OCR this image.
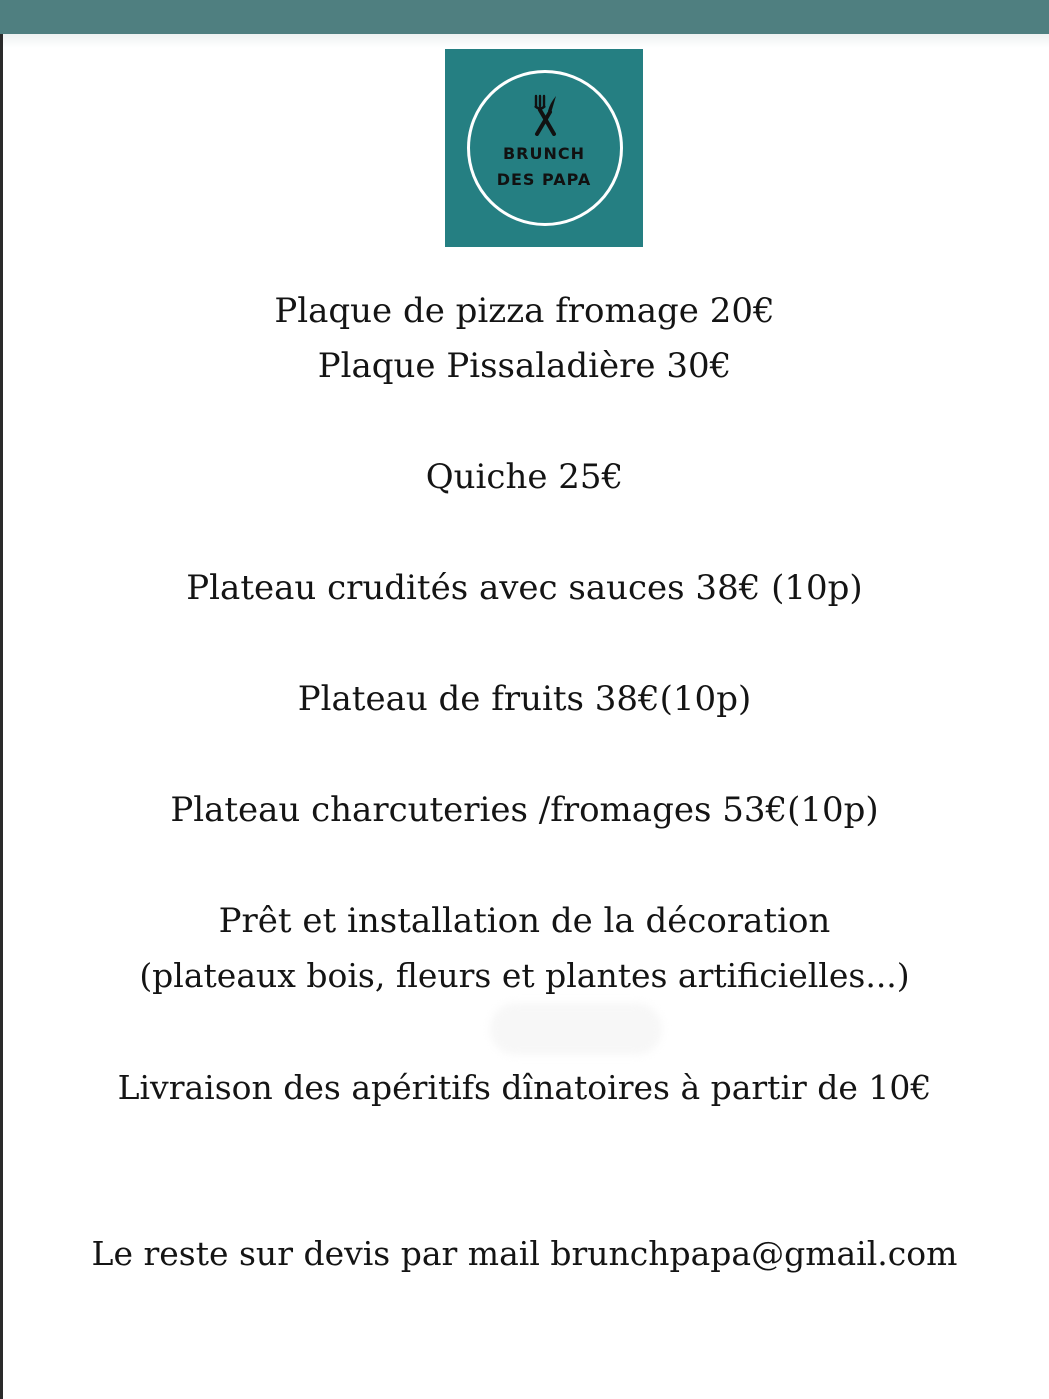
BRUNCH
DES PAPA
Plaque de pizza fromage 20€
Plaque Pissaladière 30€
Quiche 25€
Plateau crudités avec sauces 38€ (10p)
Plateau de fruits 38€(10p)
Plateau charcuteries /fromages 53€(10p)
Prêt et installation de la décoration
(plateaux bois, fleurs et plantes artificielles...)
Livraison des apéritifs dînatoires à partir de 10€
Le reste sur devis par mail brunchpapa@gmail.com
